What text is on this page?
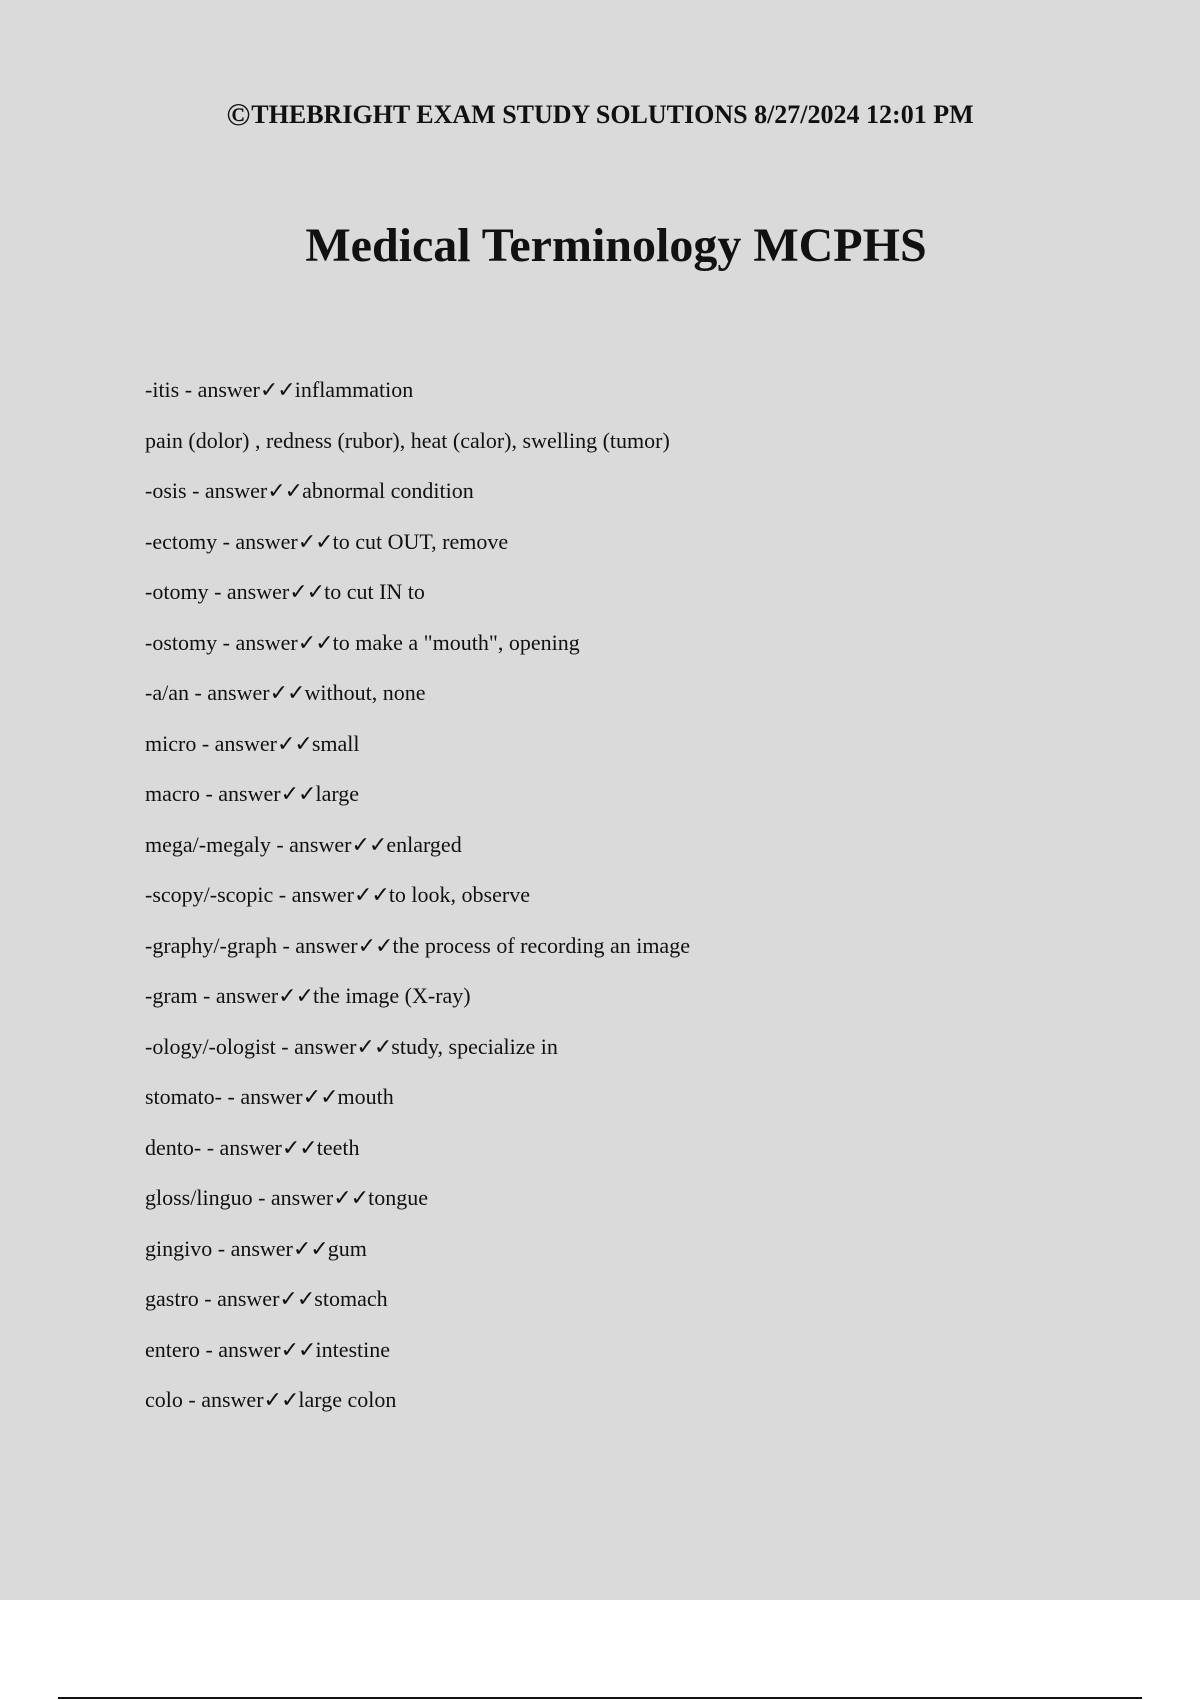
©THEBRIGHT EXAM STUDY SOLUTIONS 8/27/2024 12:01 PM
Medical Terminology MCPHS
-itis - answer✓✓inflammation
pain (dolor) , redness (rubor), heat (calor), swelling (tumor)
-osis - answer✓✓abnormal condition
-ectomy - answer✓✓to cut OUT, remove
-otomy - answer✓✓to cut IN to
-ostomy - answer✓✓to make a "mouth", opening
-a/an - answer✓✓without, none
micro - answer✓✓small
macro - answer✓✓large
mega/-megaly - answer✓✓enlarged
-scopy/-scopic - answer✓✓to look, observe
-graphy/-graph - answer✓✓the process of recording an image
-gram - answer✓✓the image (X-ray)
-ology/-ologist - answer✓✓study, specialize in
stomato- - answer✓✓mouth
dento- - answer✓✓teeth
gloss/linguo - answer✓✓tongue
gingivo - answer✓✓gum
gastro - answer✓✓stomach
entero - answer✓✓intestine
colo - answer✓✓large colon
